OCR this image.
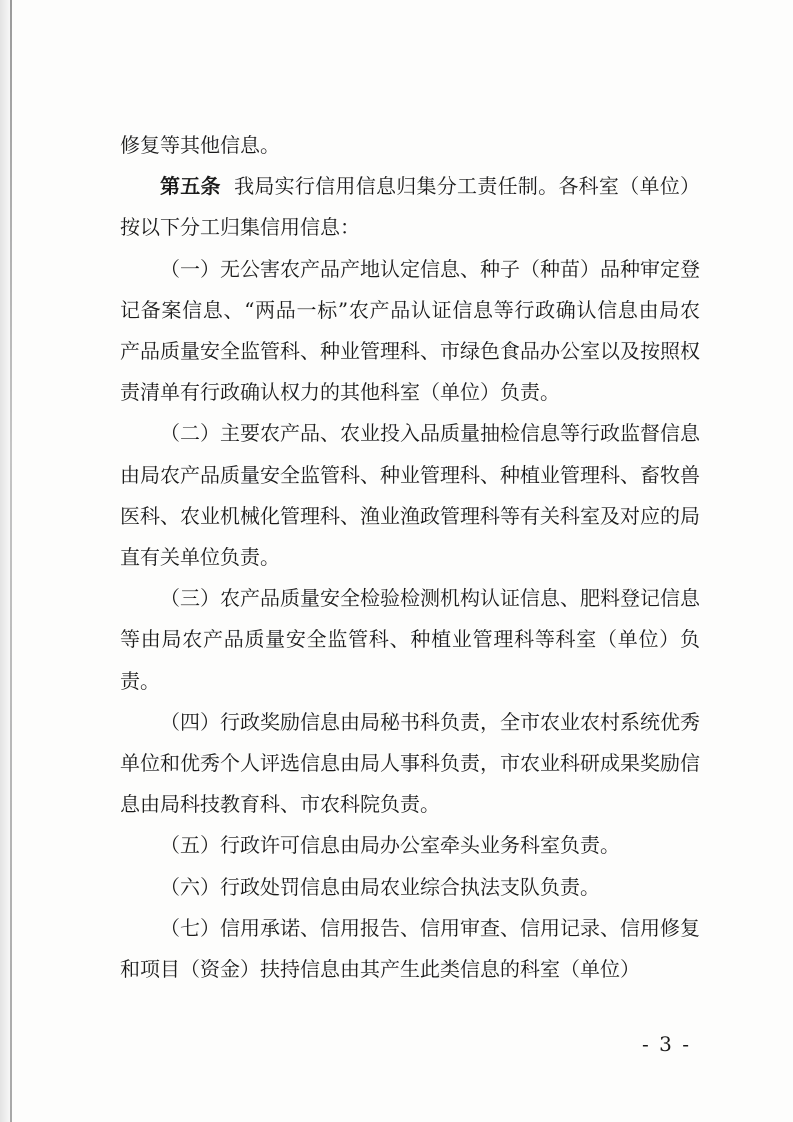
修复等其他信息。

第五条 我局实行信用信息归集分工责任制。各科室（单位）按以下分工归集信用信息：

（一）无公害农产品产地认定信息、种子（种苗）品种审定登记备案信息、“两品一标”农产品认证信息等行政确认信息由局农产品质量安全监管科、种业管理科、市绿色食品办公室以及按照权责清单有行政确认权力的其他科室（单位）负责。

（二）主要农产品、农业投入品质量抽检信息等行政监督信息由局农产品质量安全监管科、种业管理科、种植业管理科、畜牧兽医科、农业机械化管理科、渔业渔政管理科等有关科室及对应的局直有关单位负责。

（三）农产品质量安全检验检测机构认证信息、肥料登记信息等由局农产品质量安全监管科、种植业管理科等科室（单位）负责。

（四）行政奖励信息由局秘书科负责，全市农业农村系统优秀单位和优秀个人评选信息由局人事科负责，市农业科研成果奖励信息由局科技教育科、市农科院负责。

（五）行政许可信息由局办公室牵头业务科室负责。

（六）行政处罚信息由局农业综合执法支队负责。

（七）信用承诺、信用报告、信用审查、信用记录、信用修复和项目（资金）扶持信息由其产生此类信息的科室（单位）

- 3 -
